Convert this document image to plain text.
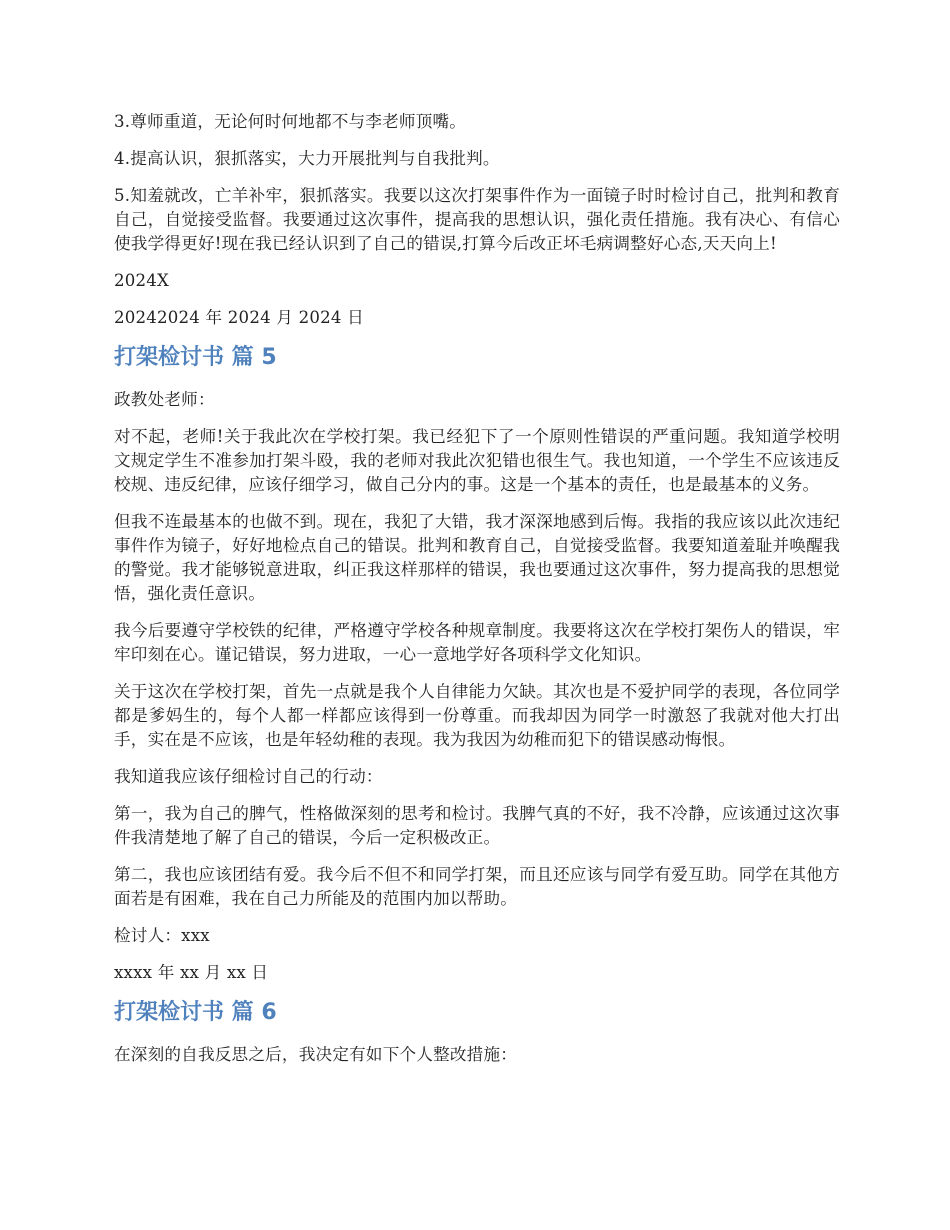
3.尊师重道，无论何时何地都不与李老师顶嘴。

4.提高认识，狠抓落实，大力开展批判与自我批判。

5.知羞就改，亡羊补牢，狠抓落实。我要以这次打架事件作为一面镜子时时检讨自己，批判和教育自己，自觉接受监督。我要通过这次事件，提高我的思想认识，强化责任措施。我有决心、有信心使我学得更好!现在我已经认识到了自己的错误,打算今后改正坏毛病调整好心态,天天向上!

2024X

20242024 年 2024 月 2024 日

打架检讨书 篇 5

政教处老师：

对不起，老师!关于我此次在学校打架。我已经犯下了一个原则性错误的严重问题。我知道学校明文规定学生不准参加打架斗殴，我的老师对我此次犯错也很生气。我也知道，一个学生不应该违反校规、违反纪律，应该仔细学习，做自己分内的事。这是一个基本的责任，也是最基本的义务。

但我不连最基本的也做不到。现在，我犯了大错，我才深深地感到后悔。我指的我应该以此次违纪事件作为镜子，好好地检点自己的错误。批判和教育自己，自觉接受监督。我要知道羞耻并唤醒我的警觉。我才能够锐意进取，纠正我这样那样的错误，我也要通过这次事件，努力提高我的思想觉悟，强化责任意识。

我今后要遵守学校铁的纪律，严格遵守学校各种规章制度。我要将这次在学校打架伤人的错误，牢牢印刻在心。谨记错误，努力进取，一心一意地学好各项科学文化知识。

关于这次在学校打架，首先一点就是我个人自律能力欠缺。其次也是不爱护同学的表现，各位同学都是爹妈生的，每个人都一样都应该得到一份尊重。而我却因为同学一时激怒了我就对他大打出手，实在是不应该，也是年轻幼稚的表现。我为我因为幼稚而犯下的错误感动悔恨。

我知道我应该仔细检讨自己的行动：

第一，我为自己的脾气，性格做深刻的思考和检讨。我脾气真的不好，我不冷静，应该通过这次事件我清楚地了解了自己的错误，今后一定积极改正。

第二，我也应该团结有爱。我今后不但不和同学打架，而且还应该与同学有爱互助。同学在其他方面若是有困难，我在自己力所能及的范围内加以帮助。

检讨人：xxx

xxxx 年 xx 月 xx 日

打架检讨书 篇 6

在深刻的自我反思之后，我决定有如下个人整改措施：
